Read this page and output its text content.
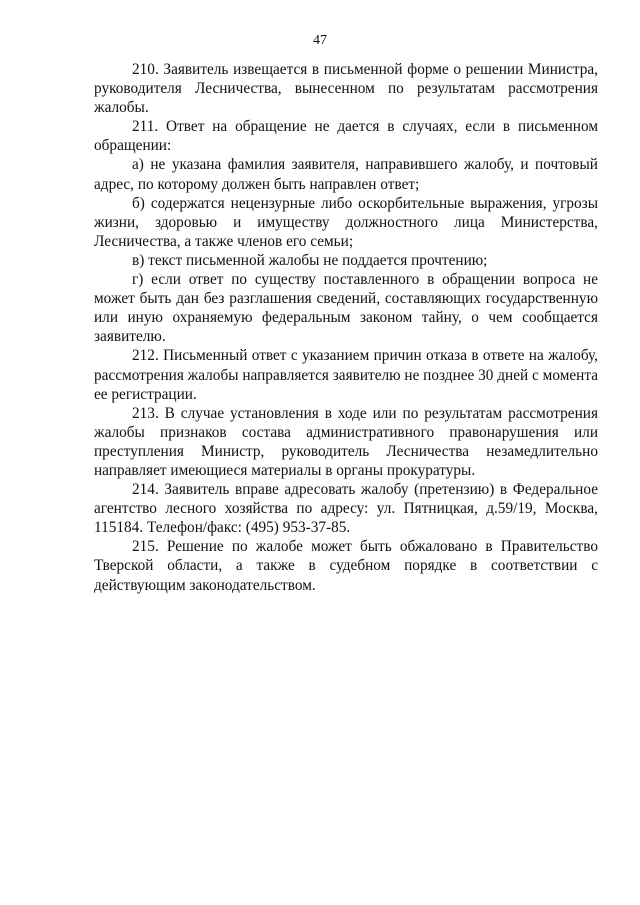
47

210. Заявитель извещается в письменной форме о решении Министра, руководителя Лесничества, вынесенном по результатам рассмотрения жалобы.

211. Ответ на обращение не дается в случаях, если в письменном обращении:

а) не указана фамилия заявителя, направившего жалобу, и почтовый адрес, по которому должен быть направлен ответ;

б) содержатся нецензурные либо оскорбительные выражения, угрозы жизни, здоровью и имуществу должностного лица Министерства, Лесничества, а также членов его семьи;

в) текст письменной жалобы не поддается прочтению;

г) если ответ по существу поставленного в обращении вопроса не может быть дан без разглашения сведений, составляющих государственную или иную охраняемую федеральным законом тайну, о чем сообщается заявителю.

212. Письменный ответ с указанием причин отказа в ответе на жалобу, рассмотрения жалобы направляется заявителю не позднее 30 дней с момента ее регистрации.

213. В случае установления в ходе или по результатам рассмотрения жалобы признаков состава административного правонарушения или преступления Министр, руководитель Лесничества незамедлительно направляет имеющиеся материалы в органы прокуратуры.

214. Заявитель вправе адресовать жалобу (претензию) в Федеральное агентство лесного хозяйства по адресу: ул. Пятницкая, д.59/19, Москва, 115184. Телефон/факс: (495) 953-37-85.

215. Решение по жалобе может быть обжаловано в Правительство Тверской области, а также в судебном порядке в соответствии с действующим законодательством.
